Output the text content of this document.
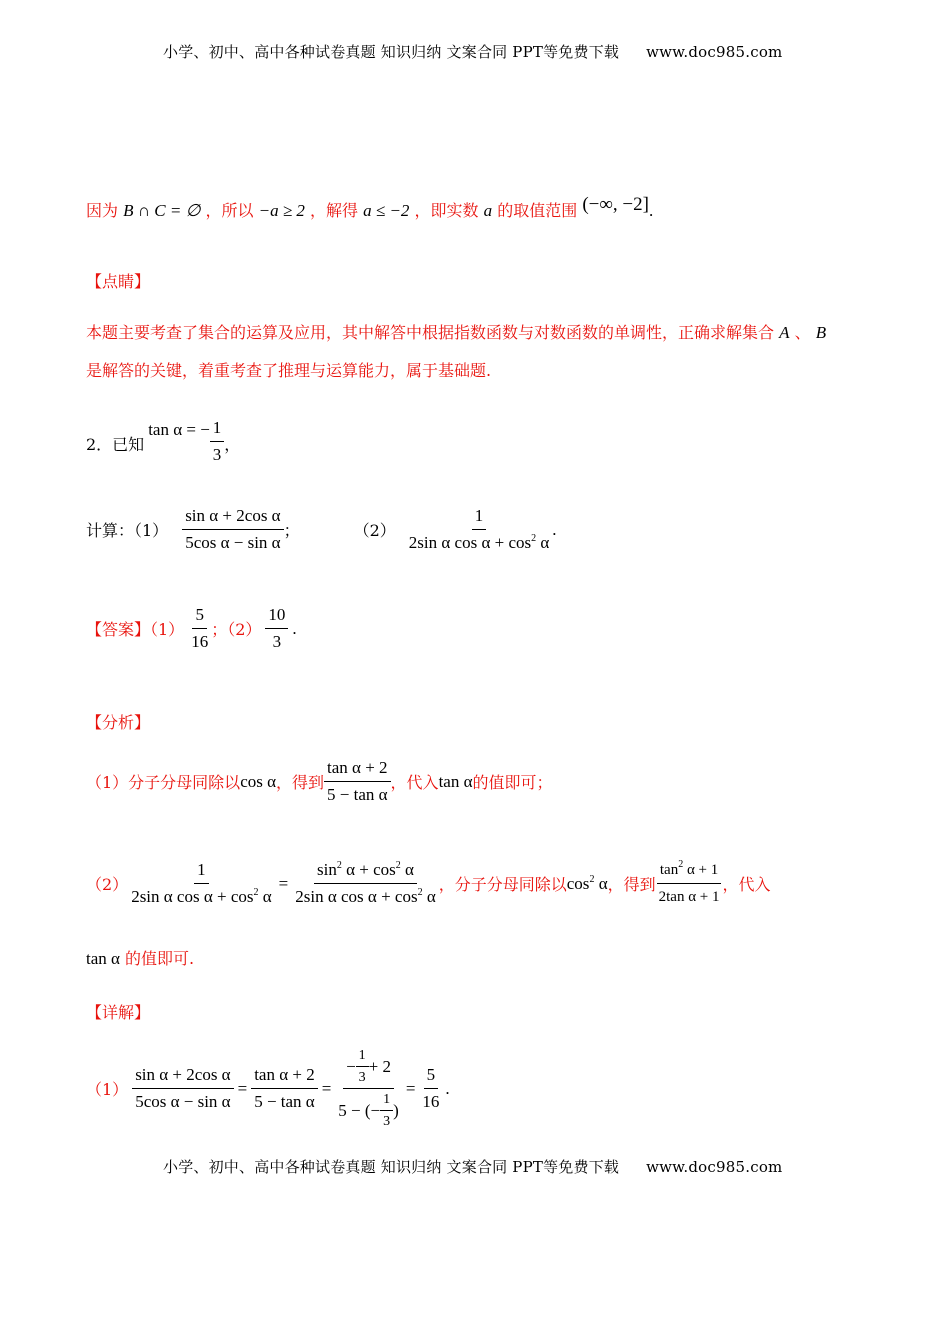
小学、初中、高中各种试卷真题 知识归纳 文案合同 PPT等免费下载 www.doc985.com
因为 B ∩ C = ∅ ，所以 −a ≥ 2 ，解得 a ≤ −2 ，即实数 a 的取值范围 (−∞, −2].
【点睛】
本题主要考查了集合的运算及应用，其中解答中根据指数函数与对数函数的单调性，正确求解集合 A 、 B
是解答的关键，着重考查了推理与运算能力，属于基础题.
2．已知
tan α = − $\frac{1}{3}$ ，
计算：$(1) \frac{\text{sin α + 2cos α}}{\text{5cos α − sin α}}$ ；	$(2) \frac{1}{2\sin \alpha \cos \alpha + \cos^2 \alpha}$ .
【答案】$(1) \frac{5}{16}$ ；$(2) \frac{10}{3}$ .
【分析】
（1）分子分母同除以 cos α ，得到 $\frac{\text{tan α + 2}}{\text{5 − tan α}}$ ，代入 tan α 的值即可；
$(2) \frac{1}{2\sin \alpha \cos \alpha + \cos^2 \alpha} = \frac{\sin^2 \alpha + \cos^2 \alpha}{2\sin \alpha \cos \alpha + \cos^2 \alpha}$ ，分子分母同除以 $\cos^2 \alpha$ ，得到 $\frac{\tan^2 \alpha + 1}{\text{2tan α + 1}}$ ，代入
tan α 的值即可.
【详解】
$(1) \frac{\text{sin α + 2cos α}}{\text{5cos α − sin α}} = \frac{\text{tan α + 2}}{\text{5 − tan α}} = \frac{- \frac{1}{3} + 2}{5 - (- \frac{1}{3} )} = \frac{5}{16}$ .
小学、初中、高中各种试卷真题 知识归纳 文案合同 PPT等免费下载 www.doc985.com
